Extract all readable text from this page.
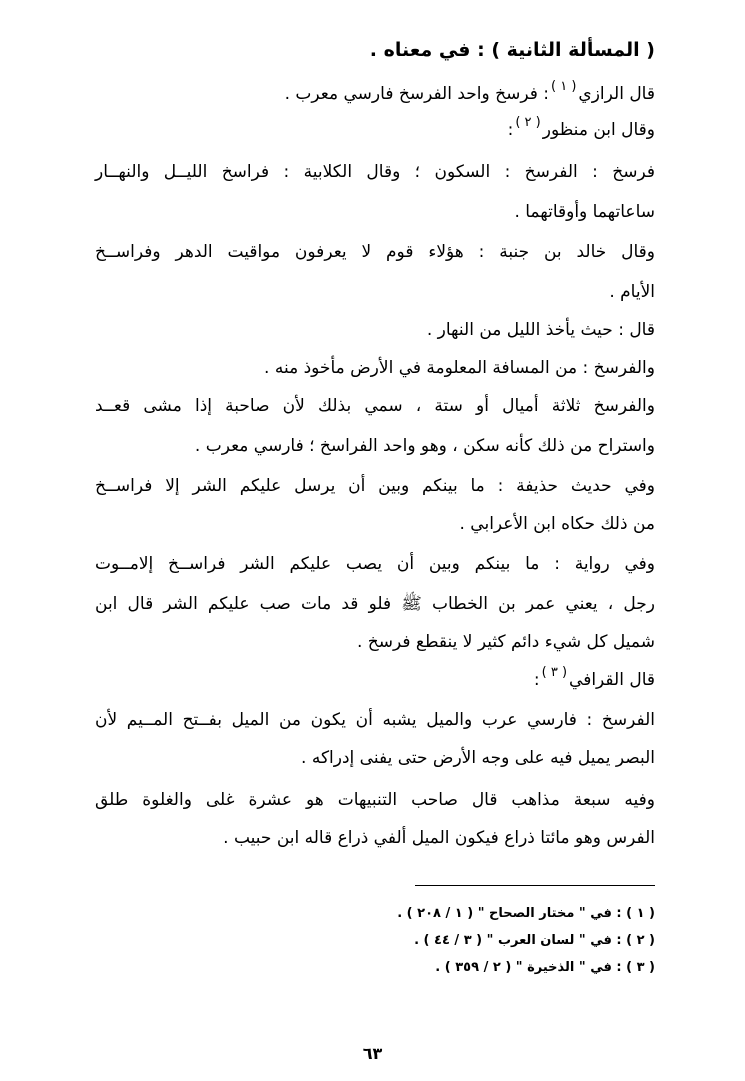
( المسألة الثانية ) : في معناه .
قال الرازي$^{( ١ )}$: فرسخ واحد الفرسخ فارسي معرب .
وقال ابن منظور$^{( ٢ )}$:
فرسخ : الفرسخ : السكون ؛ وقال الكلابية : فراسخ الليــل والنهــار
ساعاتهما وأوقاتهما .
وقال خالد بن جنبة : هؤلاء قوم لا يعرفون مواقيت الدهر وفراســخ
الأيام .
قال : حيث يأخذ الليل من النهار .
والفرسخ : من المسافة المعلومة في الأرض مأخوذ منه .
والفرسخ ثلاثة أميال أو ستة ، سمي بذلك لأن صاحبة إذا مشى قعــد
واستراح من ذلك كأنه سكن ، وهو واحد الفراسخ ؛ فارسي معرب .
وفي حديث حذيفة : ما بينكم وبين أن يرسل عليكم الشر إلا فراســخ
من ذلك حكاه ابن الأعرابي .
وفي رواية : ما بينكم وبين أن يصب عليكم الشر فراســخ إلامــوت
رجل ، يعني عمر بن الخطاب ﷺ فلو قد مات صب عليكم الشر قال ابن
شميل كل شيء دائم كثير لا ينقطع فرسخ .
قال القرافي$^{( ٣ )}$:
الفرسخ : فارسي عرب والميل يشبه أن يكون من الميل بفــتح المــيم لأن
البصر يميل فيه على وجه الأرض حتى يفنى إدراكه .
وفيه سبعة مذاهب قال صاحب التنبيهات هو عشرة غلى والغلوة طلق
الفرس وهو مائتا ذراع فيكون الميل ألفي ذراع قاله ابن حبيب .
( ١ ) : في " مختار الصحاح " ( ١ / ٢٠٨ ) .
( ٢ ) : في " لسان العرب " ( ٣ / ٤٤ ) .
( ٣ ) : في " الذخيرة " ( ٢ / ٣٥٩ ) .
٦٣
